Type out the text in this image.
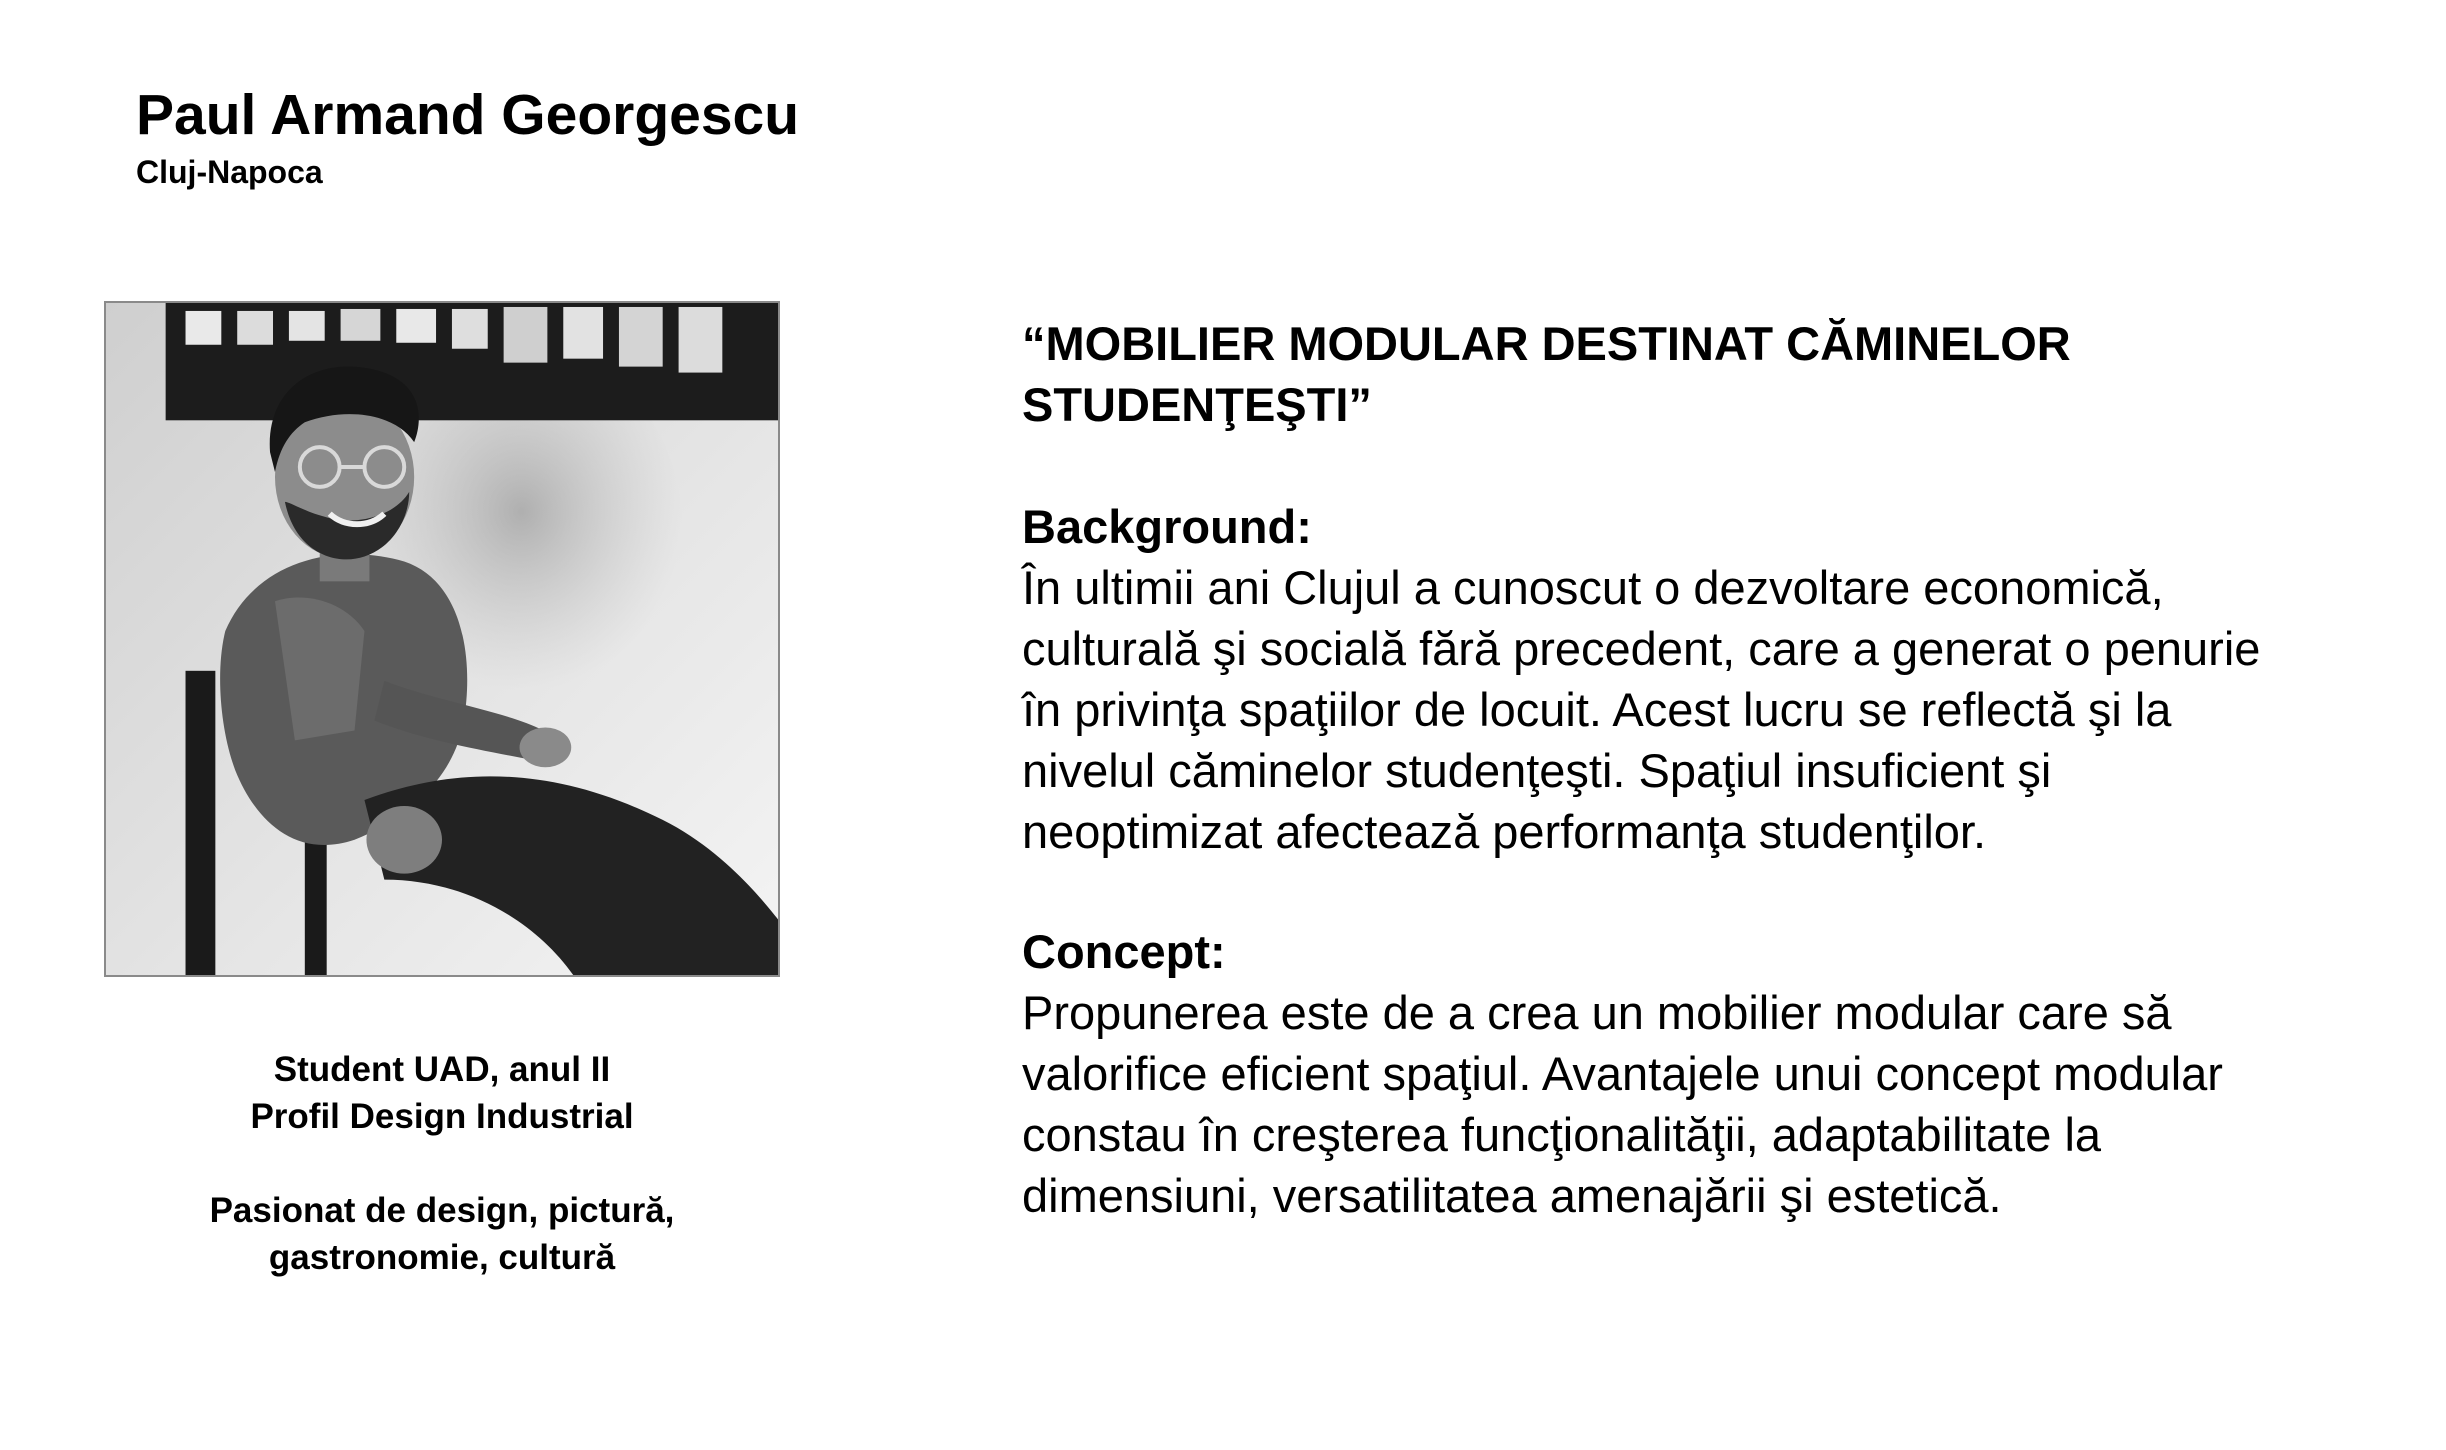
Paul Armand Georgescu
Cluj-Napoca

Student UAD, anul II

Profil Design Industrial

Pasionat de design, pictură,

gastronomie, cultură

“MOBILIER MODULAR DESTINAT CĂMINELOR
STUDENŢEŞTI”
Background:

În ultimii ani Clujul a cunoscut o dezvoltare economică,

culturală şi socială fără precedent, care a generat o penurie

în privinţa spaţiilor de locuit. Acest lucru se reflectă şi la

nivelul căminelor studenţeşti. Spaţiul insuficient şi

neoptimizat afectează performanţa studenţilor.

Concept:

Propunerea este de a crea un mobilier modular care să

valorifice eficient spaţiul. Avantajele unui concept modular

constau în creşterea funcţionalităţii, adaptabilitate la

dimensiuni, versatilitatea amenajării şi estetică.
